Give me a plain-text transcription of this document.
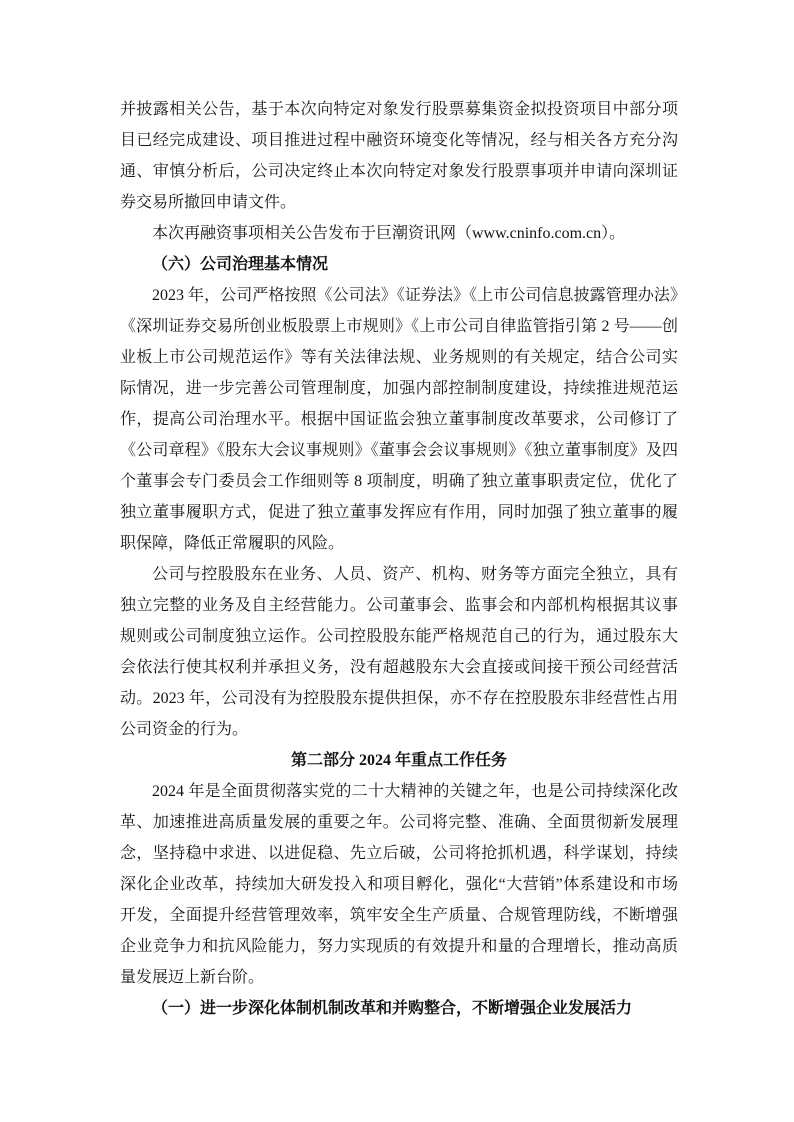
并披露相关公告，基于本次向特定对象发行股票募集资金拟投资项目中部分项目已经完成建设、项目推进过程中融资环境变化等情况，经与相关各方充分沟通、审慎分析后，公司决定终止本次向特定对象发行股票事项并申请向深圳证券交易所撤回申请文件。

本次再融资事项相关公告发布于巨潮资讯网（www.cninfo.com.cn）。

（六）公司治理基本情况

2023 年，公司严格按照《公司法》《证券法》《上市公司信息披露管理办法》《深圳证券交易所创业板股票上市规则》《上市公司自律监管指引第 2 号——创业板上市公司规范运作》等有关法律法规、业务规则的有关规定，结合公司实际情况，进一步完善公司管理制度，加强内部控制制度建设，持续推进规范运作，提高公司治理水平。根据中国证监会独立董事制度改革要求，公司修订了《公司章程》《股东大会议事规则》《董事会会议事规则》《独立董事制度》及四个董事会专门委员会工作细则等 8 项制度，明确了独立董事职责定位，优化了独立董事履职方式，促进了独立董事发挥应有作用，同时加强了独立董事的履职保障，降低正常履职的风险。

公司与控股股东在业务、人员、资产、机构、财务等方面完全独立，具有独立完整的业务及自主经营能力。公司董事会、监事会和内部机构根据其议事规则或公司制度独立运作。公司控股股东能严格规范自己的行为，通过股东大会依法行使其权利并承担义务，没有超越股东大会直接或间接干预公司经营活动。2023 年，公司没有为控股股东提供担保，亦不存在控股股东非经营性占用公司资金的行为。

第二部分 2024 年重点工作任务

2024 年是全面贯彻落实党的二十大精神的关键之年，也是公司持续深化改革、加速推进高质量发展的重要之年。公司将完整、准确、全面贯彻新发展理念，坚持稳中求进、以进促稳、先立后破，公司将抢抓机遇，科学谋划，持续深化企业改革，持续加大研发投入和项目孵化，强化“大营销”体系建设和市场开发，全面提升经营管理效率，筑牢安全生产质量、合规管理防线，不断增强企业竞争力和抗风险能力，努力实现质的有效提升和量的合理增长，推动高质量发展迈上新台阶。

（一）进一步深化体制机制改革和并购整合，不断增强企业发展活力
